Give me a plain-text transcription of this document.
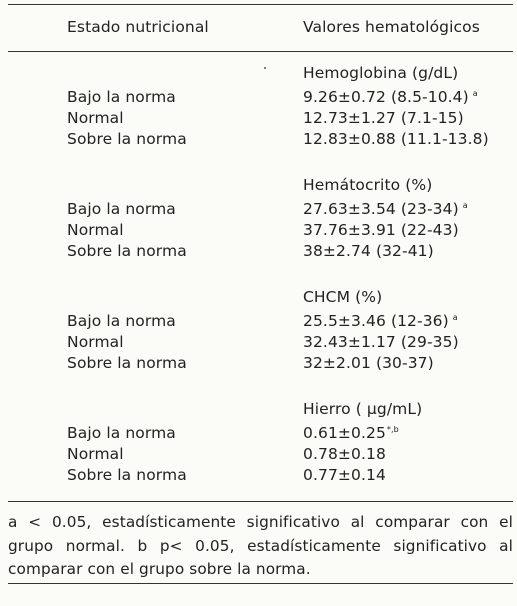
Estado nutricional	Valores hematológicos
Hemoglobina (g/dL)
Bajo la norma	9.26±0.72 (8.5-10.4) $^a$
Normal	12.73±1.27 (7.1-15)
Sobre la norma	12.83±0.88 (11.1-13.8)
Hemátocrito (%)
Bajo la norma	27.63±3.54 (23-34) $^a$
Normal	37.76±3.91 (22-43)
Sobre la norma	38±2.74 (32-41)
CHCM (%)
Bajo la norma	25.5±3.46 (12-36) $^a$
Normal	32.43±1.17 (29-35)
Sobre la norma	32±2.01 (30-37)
Hierro ( µg/mL)
Bajo la norma	$0.61\pm 0.25^{*,b}$
Normal	0.78±0.18
Sobre la norma	0.77±0.14
a < 0.05, estadísticamente significativo al comparar con el grupo normal. b p< 0.05, estadísticamente significativo al comparar con el grupo sobre la norma.
